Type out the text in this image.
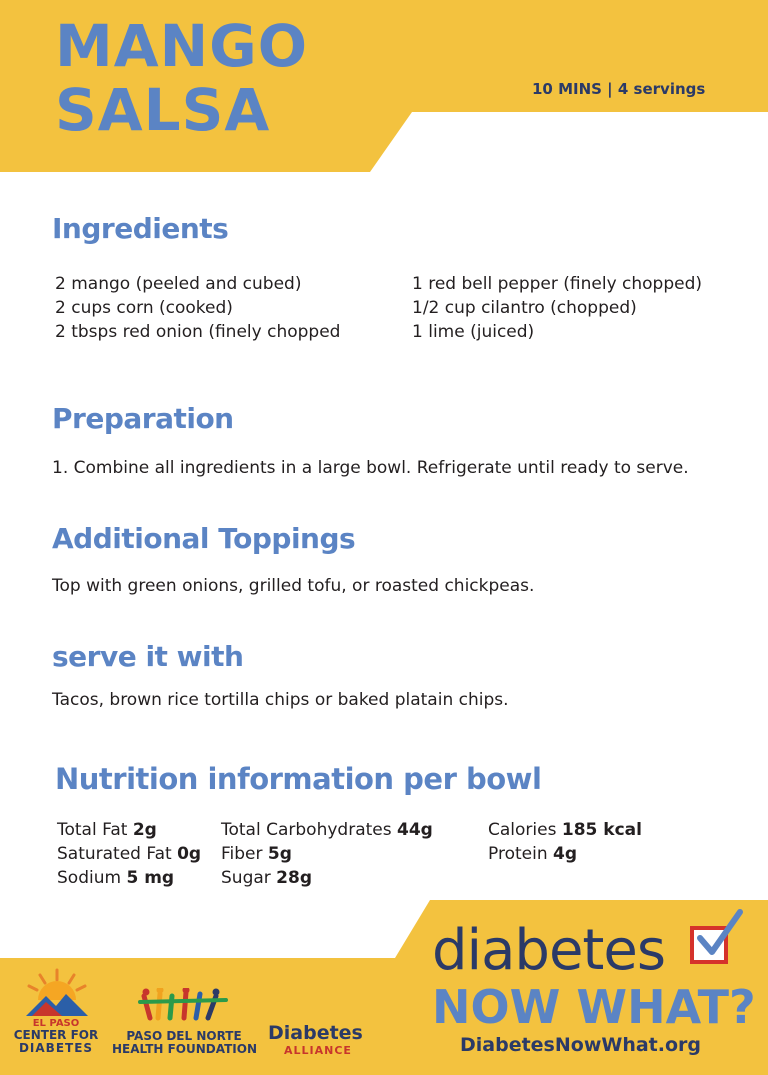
MANGO
SALSA	10 MINS | 4 servings
Ingredients
2 mango (peeled and cubed)
2 cups corn (cooked)
2 tbsps red onion (finely chopped
1 red bell pepper (finely chopped)
1/2 cup cilantro (chopped)
1 lime (juiced)
Preparation
1. Combine all ingredients in a large bowl. Refrigerate until ready to serve.
Additional Toppings
Top with green onions, grilled tofu, or roasted chickpeas.
serve it with
Tacos, brown rice tortilla chips or baked platain chips.
Nutrition information per bowl
Total Fat 2g
Saturated Fat 0g
Sodium 5 mg
Total Carbohydrates 44g
Fiber 5g
Sugar 28g
Calories 185 kcal
Protein 4g
EL PASO
CENTER FOR
DIABETES
PASO DEL NORTE
HEALTH FOUNDATION
Diabetes
ALLIANCE
diabetes
NOW WHAT?
DiabetesNowWhat.org
